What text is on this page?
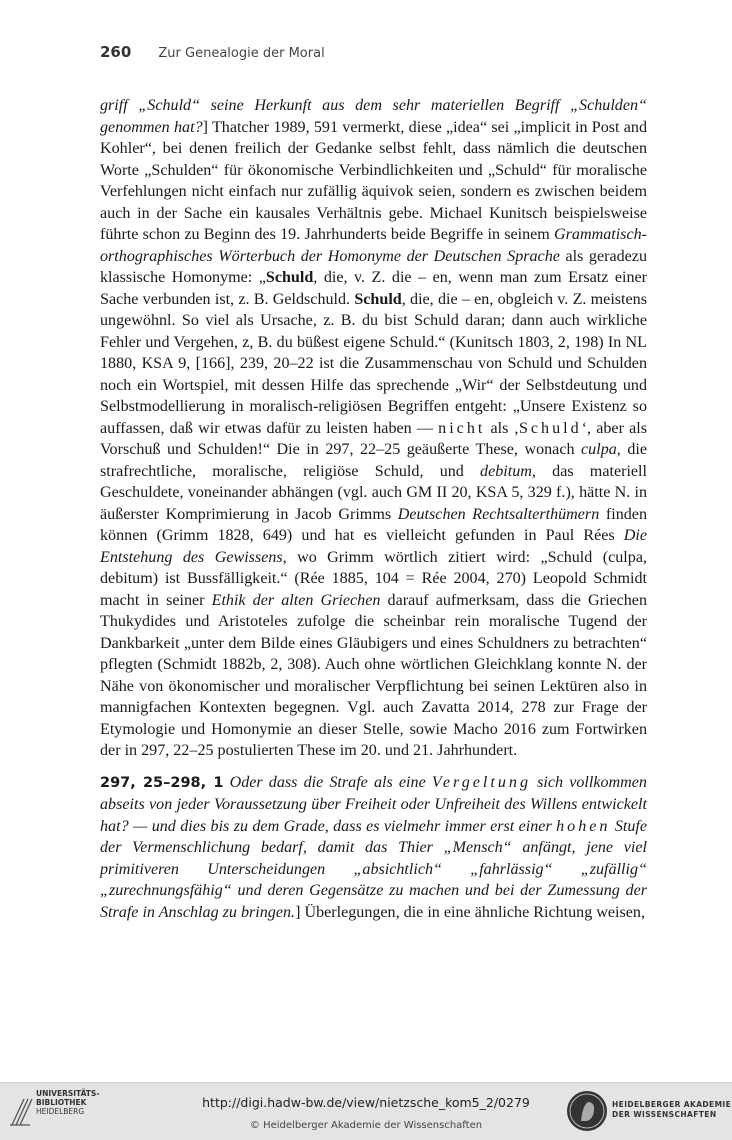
260 Zur Genealogie der Moral

griff „Schuld“ seine Herkunft aus dem sehr materiellen Begriff „Schulden“ genommen hat?] Thatcher 1989, 591 vermerkt, diese „idea“ sei „implicit in Post and Kohler“, bei denen freilich der Gedanke selbst fehlt, dass nämlich die deutschen Worte „Schulden“ für ökonomische Verbindlichkeiten und „Schuld“ für moralische Verfehlungen nicht einfach nur zufällig äquivok seien, sondern es zwischen beidem auch in der Sache ein kausales Verhältnis gebe. Michael Kunitsch beispielsweise führte schon zu Beginn des 19. Jahrhunderts beide Begriffe in seinem Grammatisch-orthographisches Wörterbuch der Homonyme der Deutschen Sprache als geradezu klassische Homonyme: „Schuld, die, v. Z. die – en, wenn man zum Ersatz einer Sache verbunden ist, z. B. Geldschuld. Schuld, die, die – en, obgleich v. Z. meistens ungewöhnl. So viel als Ursache, z. B. du bist Schuld daran; dann auch wirkliche Fehler und Vergehen, z, B. du büßest eigene Schuld.“ (Kunitsch 1803, 2, 198) In NL 1880, KSA 9, [166], 239, 20–22 ist die Zusammenschau von Schuld und Schulden noch ein Wortspiel, mit dessen Hilfe das sprechende „Wir“ der Selbstdeutung und Selbstmodellierung in moralisch-religiösen Begriffen entgeht: „Unsere Existenz so auffassen, daß wir etwas dafür zu leisten haben — nicht als ‚Schuld‘, aber als Vorschuß und Schulden!“ Die in 297, 22–25 geäußerte These, wonach culpa, die strafrechtliche, moralische, religiöse Schuld, und debitum, das materiell Geschuldete, voneinander abhängen (vgl. auch GM II 20, KSA 5, 329 f.), hätte N. in äußerster Komprimierung in Jacob Grimms Deutschen Rechtsalterthümern finden können (Grimm 1828, 649) und hat es vielleicht gefunden in Paul Rées Die Entstehung des Gewissens, wo Grimm wörtlich zitiert wird: „Schuld (culpa, debitum) ist Bussfälligkeit.“ (Rée 1885, 104 = Rée 2004, 270) Leopold Schmidt macht in seiner Ethik der alten Griechen darauf aufmerksam, dass die Griechen Thukydides und Aristoteles zufolge die scheinbar rein moralische Tugend der Dankbarkeit „unter dem Bilde eines Gläubigers und eines Schuldners zu betrachten“ pflegten (Schmidt 1882b, 2, 308). Auch ohne wörtlichen Gleichklang konnte N. der Nähe von ökonomischer und moralischer Verpflichtung bei seinen Lektüren also in mannigfachen Kontexten begegnen. Vgl. auch Zavatta 2014, 278 zur Frage der Etymologie und Homonymie an dieser Stelle, sowie Macho 2016 zum Fortwirken der in 297, 22–25 postulierten These im 20. und 21. Jahrhundert.

297, 25–298, 1 Oder dass die Strafe als eine Vergeltung sich vollkommen abseits von jeder Voraussetzung über Freiheit oder Unfreiheit des Willens entwickelt hat? — und dies bis zu dem Grade, dass es vielmehr immer erst einer hohen Stufe der Vermenschlichung bedarf, damit das Thier „Mensch“ anfängt, jene viel primitiveren Unterscheidungen „absichtlich“ „fahrlässig“ „zufällig“ „zurechnungsfähig“ und deren Gegensätze zu machen und bei der Zumessung der Strafe in Anschlag zu bringen.] Überlegungen, die in eine ähnliche Richtung weisen,

UNIVERSITÄTS-
BIBLIOTHEK
HEIDELBERG
http://digi.hadw-bw.de/view/nietzsche_kom5_2/0279
© Heidelberger Akademie der Wissenschaften
HEIDELBERGER AKADEMIE
DER WISSENSCHAFTEN
